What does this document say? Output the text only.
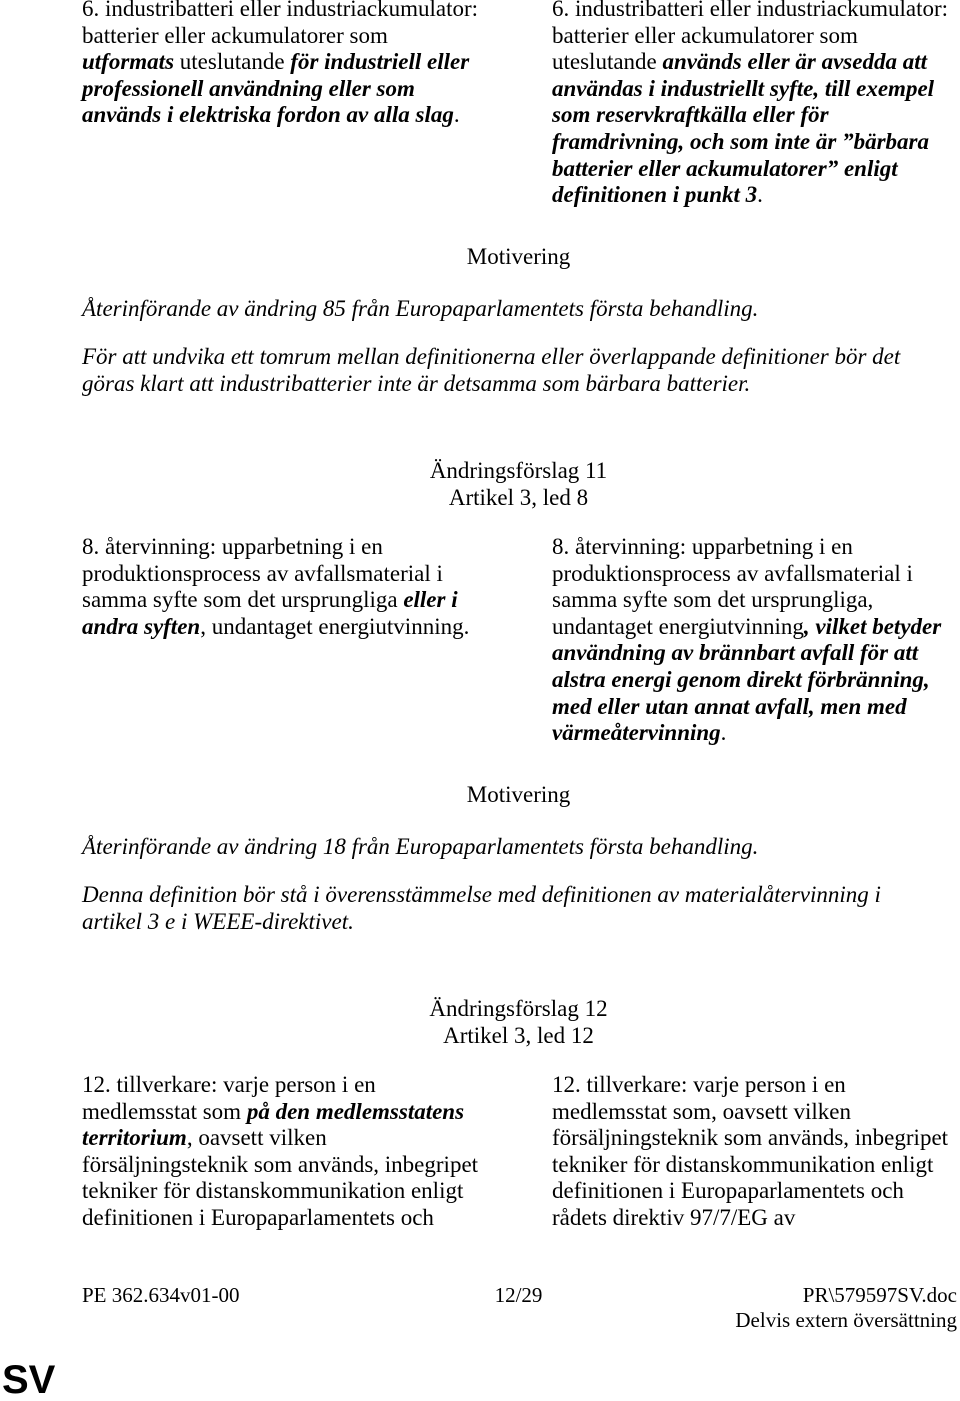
6. industribatteri eller industriackumulator:
batterier eller ackumulatorer som
utformats uteslutande för industriell eller
professionell användning eller som
används i elektriska fordon av alla slag.
6. industribatteri eller industriackumulator:
batterier eller ackumulatorer som
uteslutande används eller är avsedda att
användas i industriellt syfte, till exempel
som reservkraftkälla eller för
framdrivning, och som inte är ”bärbara
batterier eller ackumulatorer” enligt
definitionen i punkt 3.
Motivering
Återinförande av ändring 85 från Europaparlamentets första behandling.
För att undvika ett tomrum mellan definitionerna eller överlappande definitioner bör det
göras klart att industribatterier inte är detsamma som bärbara batterier.
Ändringsförslag 11
Artikel 3, led 8
8. återvinning: upparbetning i en
produktionsprocess av avfallsmaterial i
samma syfte som det ursprungliga eller i
andra syften, undantaget energiutvinning.
8. återvinning: upparbetning i en
produktionsprocess av avfallsmaterial i
samma syfte som det ursprungliga,
undantaget energiutvinning, vilket betyder
användning av brännbart avfall för att
alstra energi genom direkt förbränning,
med eller utan annat avfall, men med
värmeåtervinning.
Motivering
Återinförande av ändring 18 från Europaparlamentets första behandling.
Denna definition bör stå i överensstämmelse med definitionen av materialåtervinning i
artikel 3 e i WEEE-direktivet.
Ändringsförslag 12
Artikel 3, led 12
12. tillverkare: varje person i en
medlemsstat som på den medlemsstatens
territorium, oavsett vilken
försäljningsteknik som används, inbegripet
tekniker för distanskommunikation enligt
definitionen i Europaparlamentets och
12. tillverkare: varje person i en
medlemsstat som, oavsett vilken
försäljningsteknik som används, inbegripet
tekniker för distanskommunikation enligt
definitionen i Europaparlamentets och
rådets direktiv 97/7/EG av
PE 362.634v01-00	12/29	PR\579597SV.doc
Delvis extern översättning
SV
